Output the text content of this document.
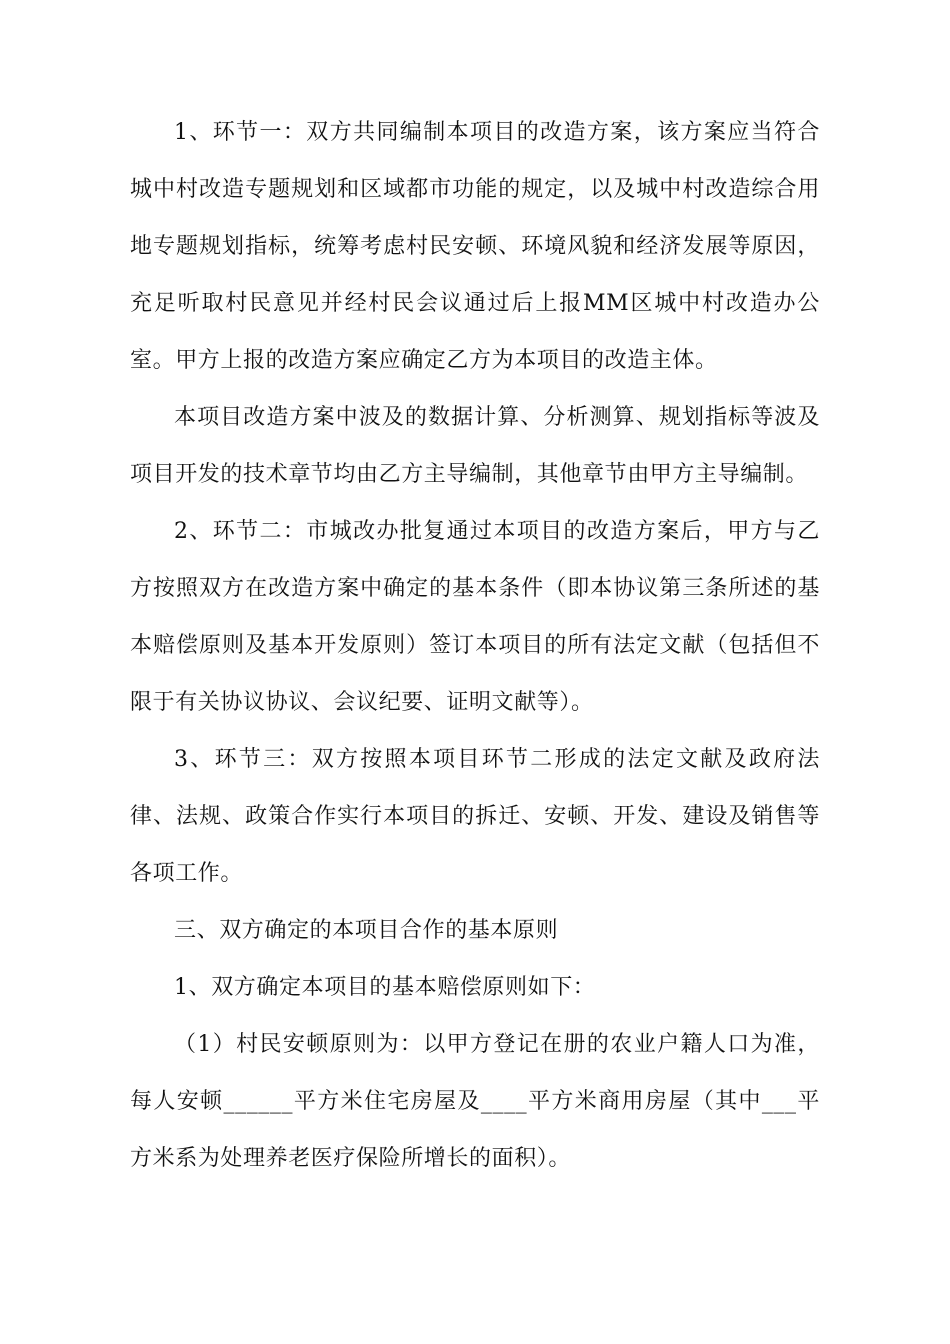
1、环节一：双方共同编制本项目的改造方案，该方案应当符合城中村改造专题规划和区域都市功能的规定，以及城中村改造综合用地专题规划指标，统筹考虑村民安顿、环境风貌和经济发展等原因，充足听取村民意见并经村民会议通过后上报MM区城中村改造办公室。甲方上报的改造方案应确定乙方为本项目的改造主体。

本项目改造方案中波及的数据计算、分析测算、规划指标等波及项目开发的技术章节均由乙方主导编制，其他章节由甲方主导编制。

2、环节二：市城改办批复通过本项目的改造方案后，甲方与乙方按照双方在改造方案中确定的基本条件（即本协议第三条所述的基本赔偿原则及基本开发原则）签订本项目的所有法定文献（包括但不限于有关协议协议、会议纪要、证明文献等）。

3、环节三：双方按照本项目环节二形成的法定文献及政府法律、法规、政策合作实行本项目的拆迁、安顿、开发、建设及销售等各项工作。

三、双方确定的本项目合作的基本原则

1、双方确定本项目的基本赔偿原则如下：

（1）村民安顿原则为：以甲方登记在册的农业户籍人口为准，每人安顿______平方米住宅房屋及____平方米商用房屋（其中___平方米系为处理养老医疗保险所增长的面积）。
